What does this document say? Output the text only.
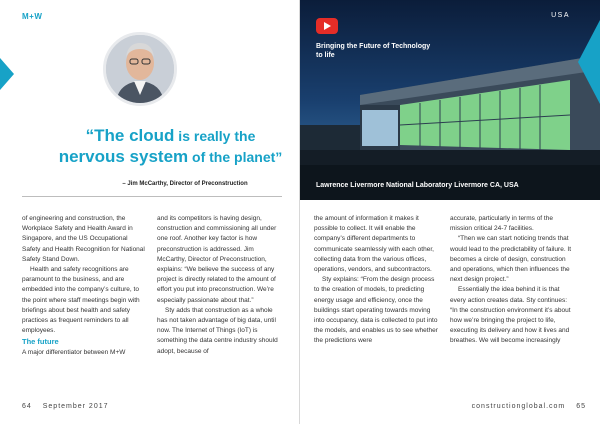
M+W
“The cloud is really the
nervous system of the planet”
– Jim McCarthy, Director of Preconstruction

of engineering and construction, the Workplace Safety and Health Award in Singapore, and the US Occupational Safety and Health Recognition for National Safety Stand Down.

Health and safety recognitions are paramount to the business, and are embedded into the company’s culture, to the point where staff meetings begin with briefings about best health and safety practices as frequent reminders to all employees.

The future

A major differentiator between M+W

and its competitors is having design, construction and commissioning all under one roof. Another key factor is how preconstruction is addressed. Jim McCarthy, Director of Preconstruction, explains: “We believe the success of any project is directly related to the amount of effort you put into preconstruction. We’re especially passionate about that.”

Sty adds that construction as a whole has not taken advantage of big data, until now. The Internet of Things (IoT) is something the data centre industry should adopt, because of

64 September 2017
Bringing the Future of Technology to life
Lawrence Livermore National Laboratory Livermore CA, USA
USA

the amount of information it makes it possible to collect. It will enable the company’s different departments to communicate seamlessly with each other, collecting data from the various offices, operations, vendors, and subcontractors.

Sty explains: “From the design process to the creation of models, to predicting energy usage and efficiency, once the buildings start operating towards moving into occupancy, data is collected to put into the models, and enables us to see whether the predictions were

accurate, particularly in terms of the mission critical 24-7 facilities.

“Then we can start noticing trends that would lead to the predictability of failure. It becomes a circle of design, construction and operations, which then influences the next design project.”

Essentially the idea behind it is that every action creates data. Sty continues: “In the construction environment it’s about how we’re bringing the project to life, executing its delivery and how it lives and breathes. We will become increasingly

constructionglobal.com 65
